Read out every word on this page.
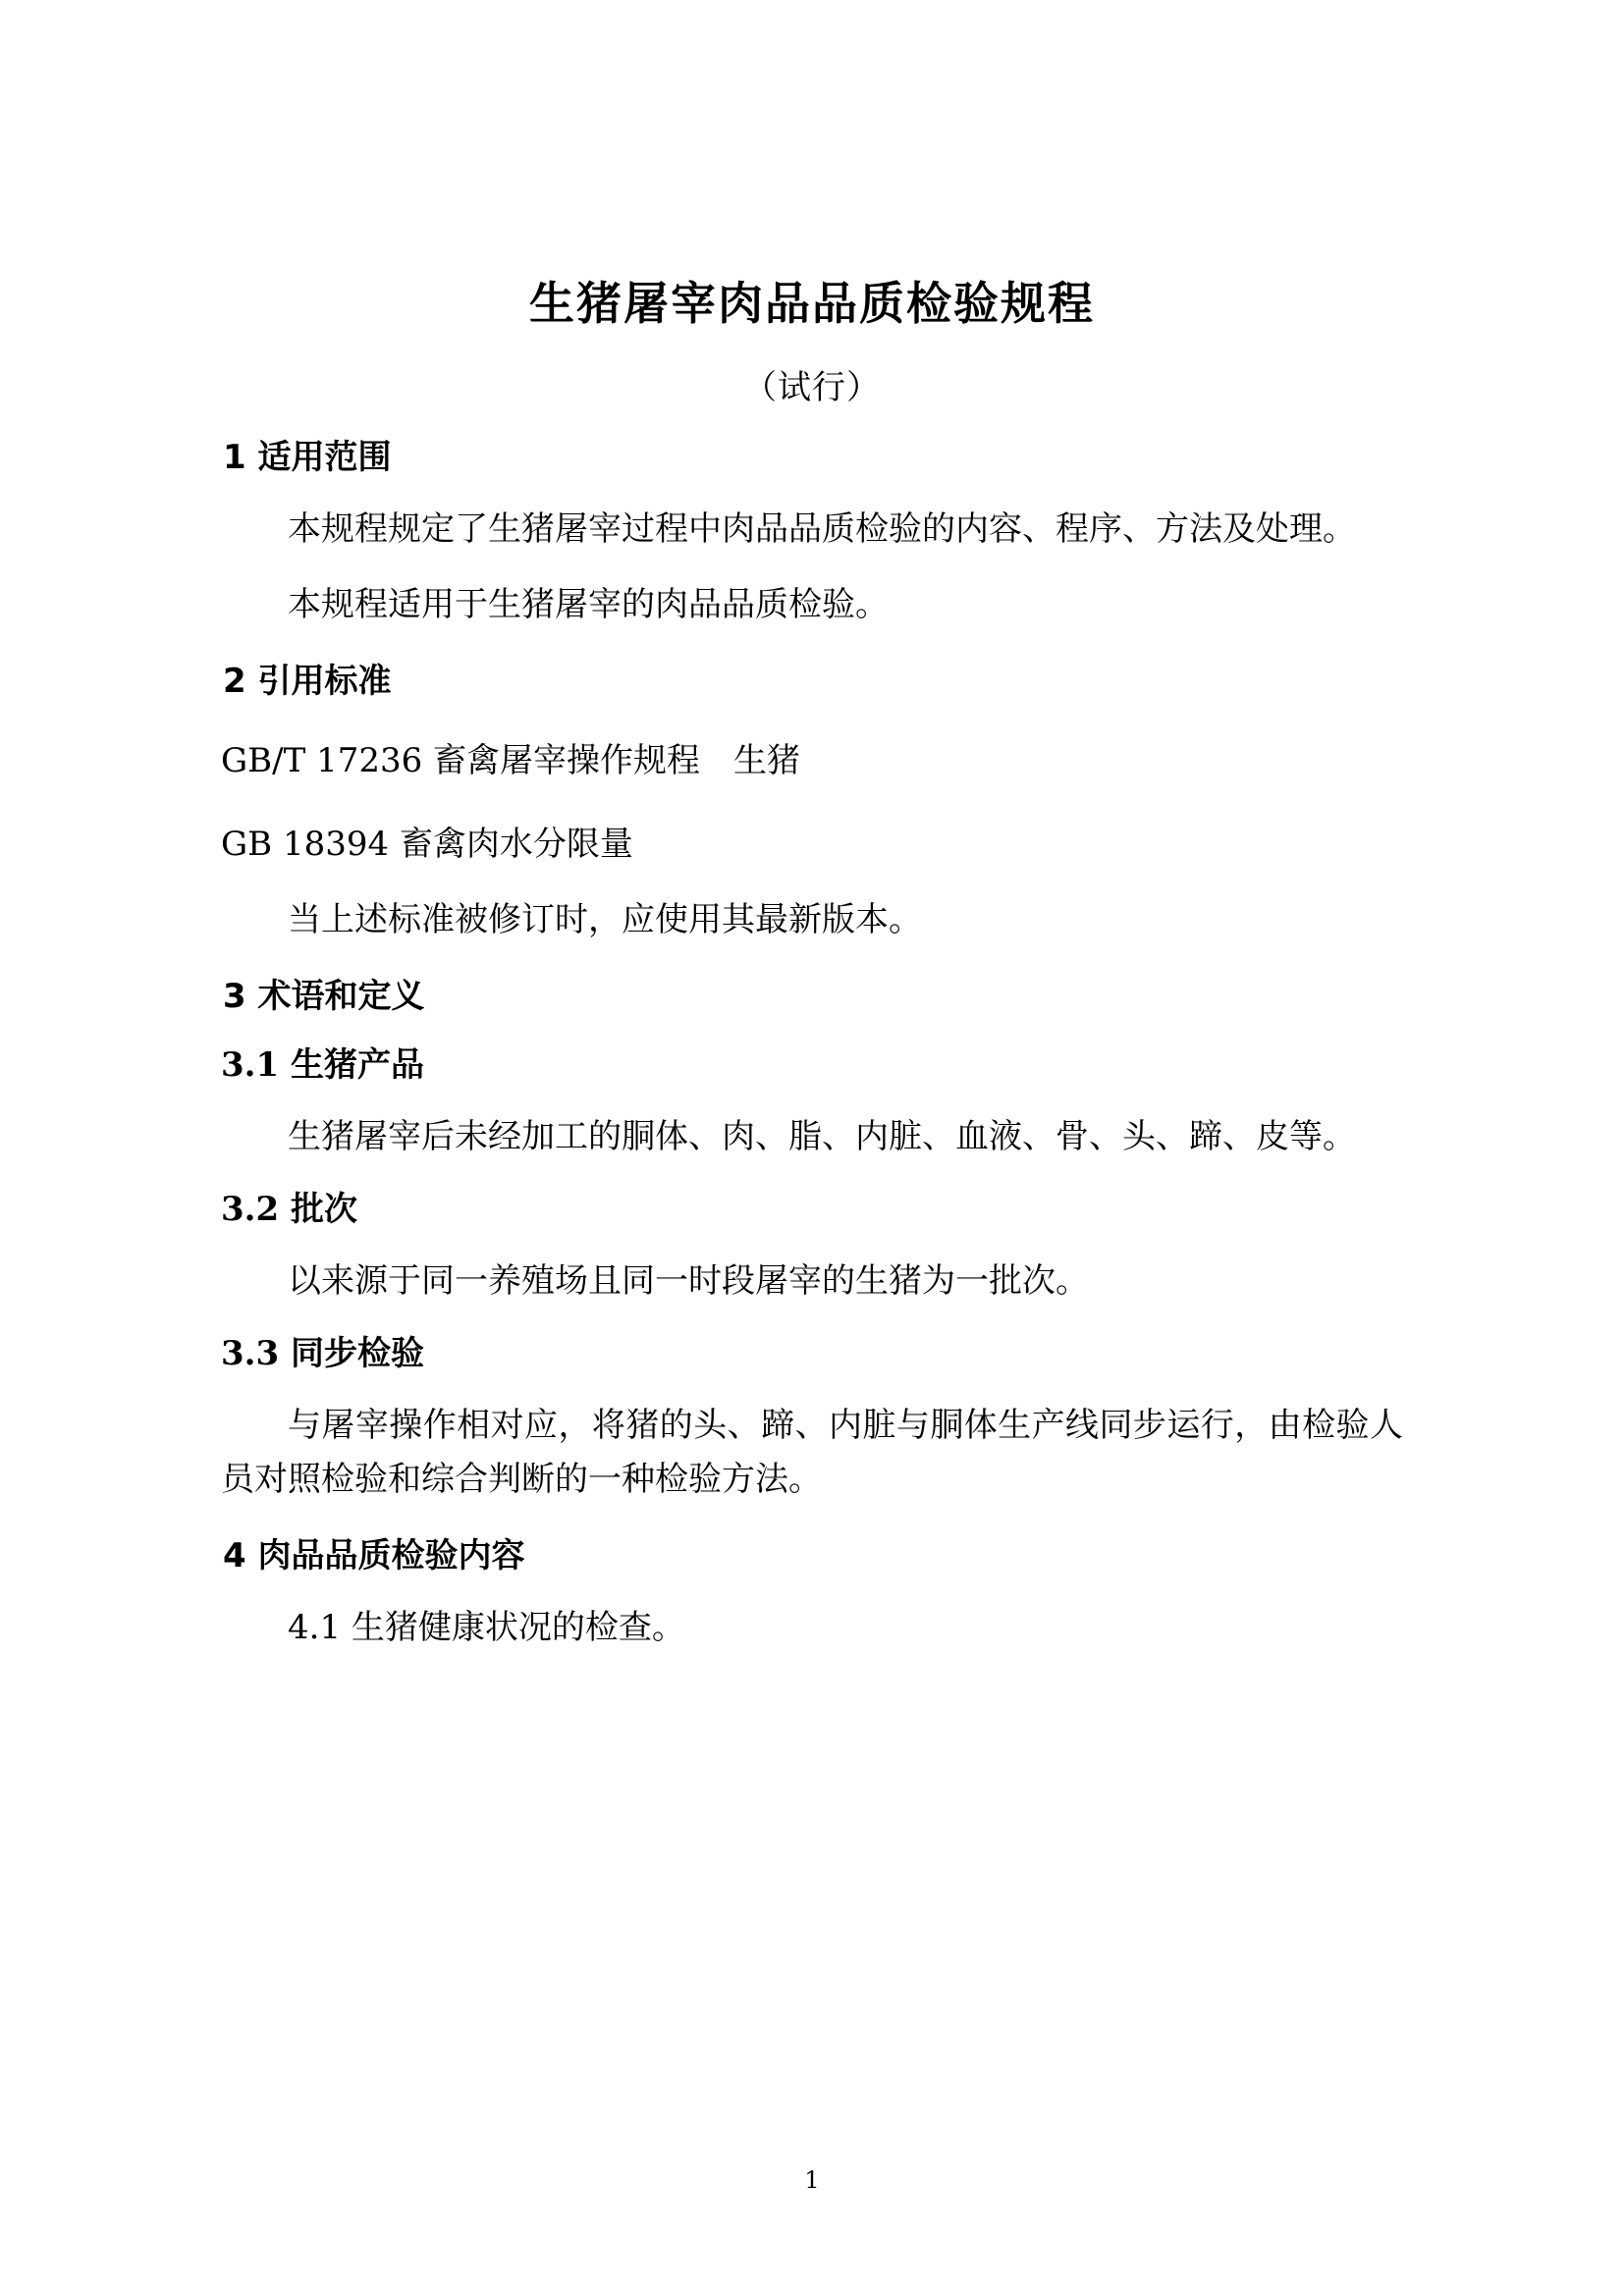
生猪屠宰肉品品质检验规程
（试行）
1 适用范围

本规程规定了生猪屠宰过程中肉品品质检验的内容、程序、方法及处理。

本规程适用于生猪屠宰的肉品品质检验。

2 引用标准

GB/T 17236 畜禽屠宰操作规程　生猪

GB 18394 畜禽肉水分限量

当上述标准被修订时，应使用其最新版本。

3 术语和定义
3.1 生猪产品

生猪屠宰后未经加工的胴体、肉、脂、内脏、血液、骨、头、蹄、皮等。

3.2 批次

以来源于同一养殖场且同一时段屠宰的生猪为一批次。

3.3 同步检验

与屠宰操作相对应，将猪的头、蹄、内脏与胴体生产线同步运行，由检验人员对照检验和综合判断的一种检验方法。

4 肉品品质检验内容

4.1 生猪健康状况的检查。

1
